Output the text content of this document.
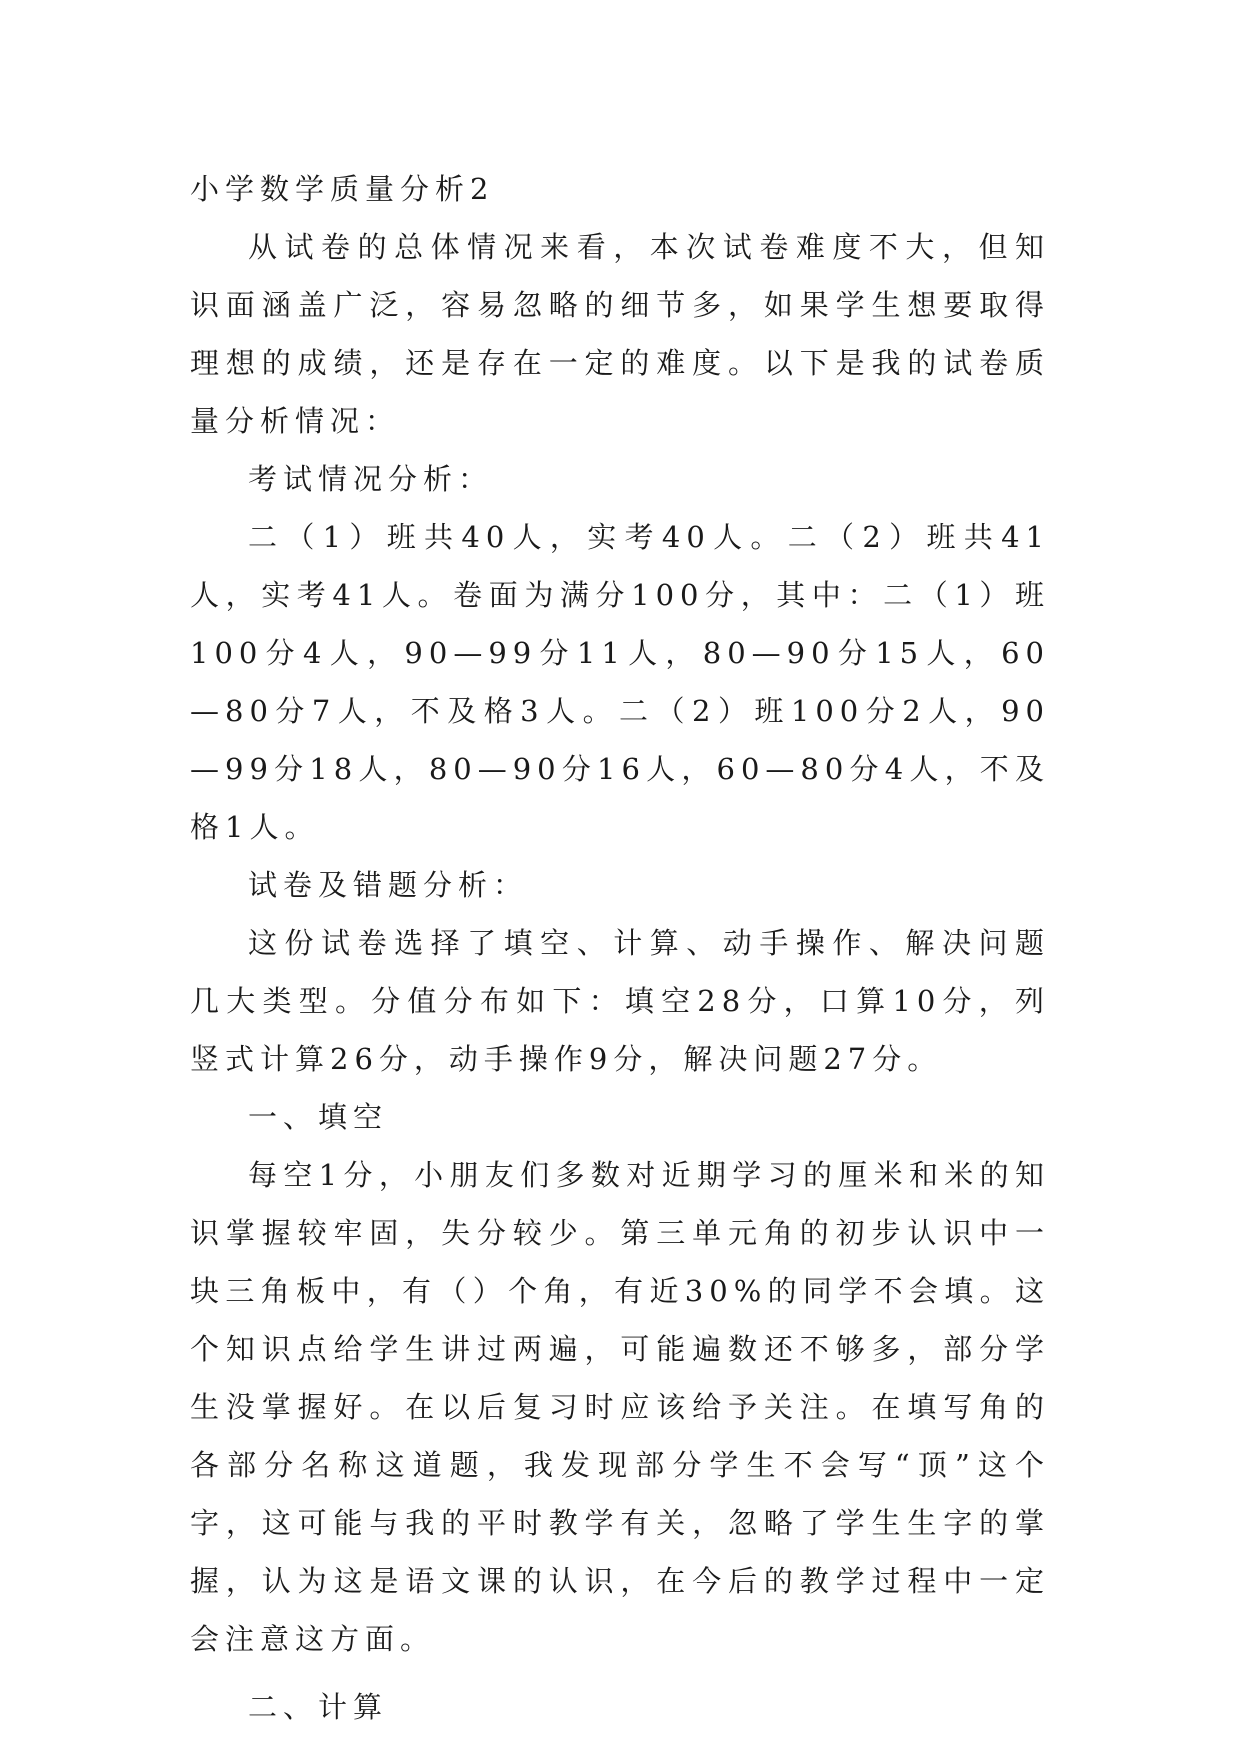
小学数学质量分析2

从试卷的总体情况来看，本次试卷难度不大，但知识面涵盖广泛，容易忽略的细节多，如果学生想要取得理想的成绩，还是存在一定的难度。以下是我的试卷质量分析情况：

考试情况分析：

二（1）班共40人，实考40人。二（2）班共41人，实考41人。卷面为满分100分，其中：二（1）班100分4人，90—99分11人，80—90分15人，60—80分7人，不及格3人。二（2）班100分2人，90—99分18人，80—90分16人，60—80分4人，不及格1人。

试卷及错题分析：

这份试卷选择了填空、计算、动手操作、解决问题几大类型。分值分布如下：填空28分，口算10分，列竖式计算26分，动手操作9分，解决问题27分。

一、填空

每空1分，小朋友们多数对近期学习的厘米和米的知识掌握较牢固，失分较少。第三单元角的初步认识中一块三角板中，有（）个角，有近30%的同学不会填。这个知识点给学生讲过两遍，可能遍数还不够多，部分学生没掌握好。在以后复习时应该给予关注。在填写角的各部分名称这道题，我发现部分学生不会写“顶”这个字，这可能与我的平时教学有关，忽略了学生生字的掌握，认为这是语文课的认识，在今后的教学过程中一定会注意这方面。

二、计算
